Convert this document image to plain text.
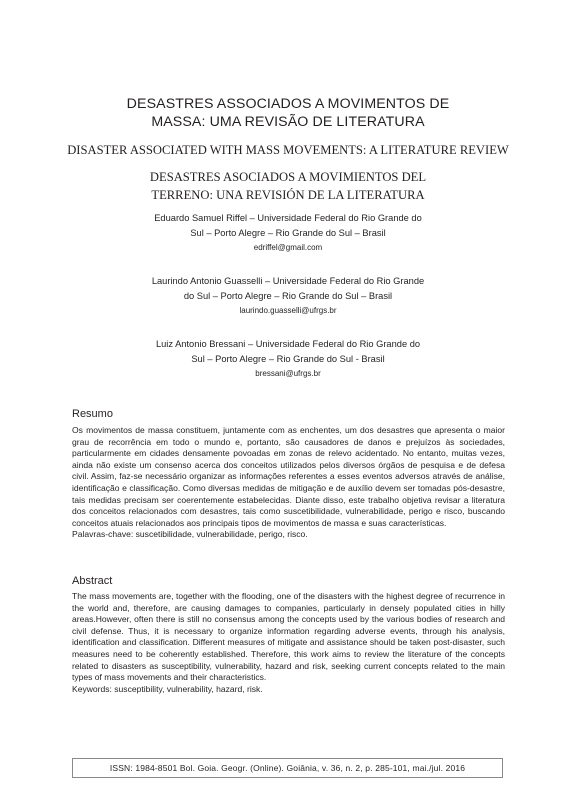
DESASTRES ASSOCIADOS A MOVIMENTOS DE
MASSA: UMA REVISÃO DE LITERATURA
DISASTER ASSOCIATED WITH MASS MOVEMENTS: A LITERATURE REVIEW
DESASTRES ASOCIADOS A MOVIMIENTOS DEL
TERRENO: UNA REVISIÓN DE LA LITERATURA
Eduardo Samuel Riffel – Universidade Federal do Rio Grande do
Sul – Porto Alegre – Rio Grande do Sul – Brasil
edriffel@gmail.com
Laurindo Antonio Guasselli – Universidade Federal do Rio Grande
do Sul – Porto Alegre – Rio Grande do Sul – Brasil
laurindo.guasselli@ufrgs.br
Luiz Antonio Bressani – Universidade Federal do Rio Grande do
Sul – Porto Alegre – Rio Grande do Sul - Brasil
bressani@ufrgs.br
Resumo

Os movimentos de massa constituem, juntamente com as enchentes, um dos desastres que apresenta o maior grau de recorrência em todo o mundo e, portanto, são causadores de danos e prejuízos às sociedades, particularmente em cidades densamente povoadas em zonas de relevo acidentado. No entanto, muitas vezes, ainda não existe um consenso acerca dos conceitos utilizados pelos diversos órgãos de pesquisa e de defesa civil. Assim, faz-se necessário organizar as informações referentes a esses eventos adversos através de análise, identificação e classificação. Como diversas medidas de mitigação e de auxílio devem ser tomadas pós-desastre, tais medidas precisam ser coerentemente estabelecidas. Diante disso, este trabalho objetiva revisar a literatura dos conceitos relacionados com desastres, tais como suscetibilidade, vulnerabilidade, perigo e risco, buscando conceitos atuais relacionados aos principais tipos de movimentos de massa e suas características.

Palavras-chave: suscetibilidade, vulnerabilidade, perigo, risco.

Abstract

The mass movements are, together with the flooding, one of the disasters with the highest degree of recurrence in the world and, therefore, are causing damages to companies, particularly in densely populated cities in hilly areas.However, often there is still no consensus among the concepts used by the various bodies of research and civil defense. Thus, it is necessary to organize information regarding adverse events, through his analysis, identification and classification. Different measures of mitigate and assistance should be taken post-disaster, such measures need to be coherently established. Therefore, this work aims to review the literature of the concepts related to disasters as susceptibility, vulnerability, hazard and risk, seeking current concepts related to the main types of mass movements and their characteristics.

Keywords: susceptibility, vulnerability, hazard, risk.

ISSN: 1984-8501 Bol. Goia. Geogr. (Online). Goiânia, v. 36, n. 2, p. 285-101, mai./jul. 2016
